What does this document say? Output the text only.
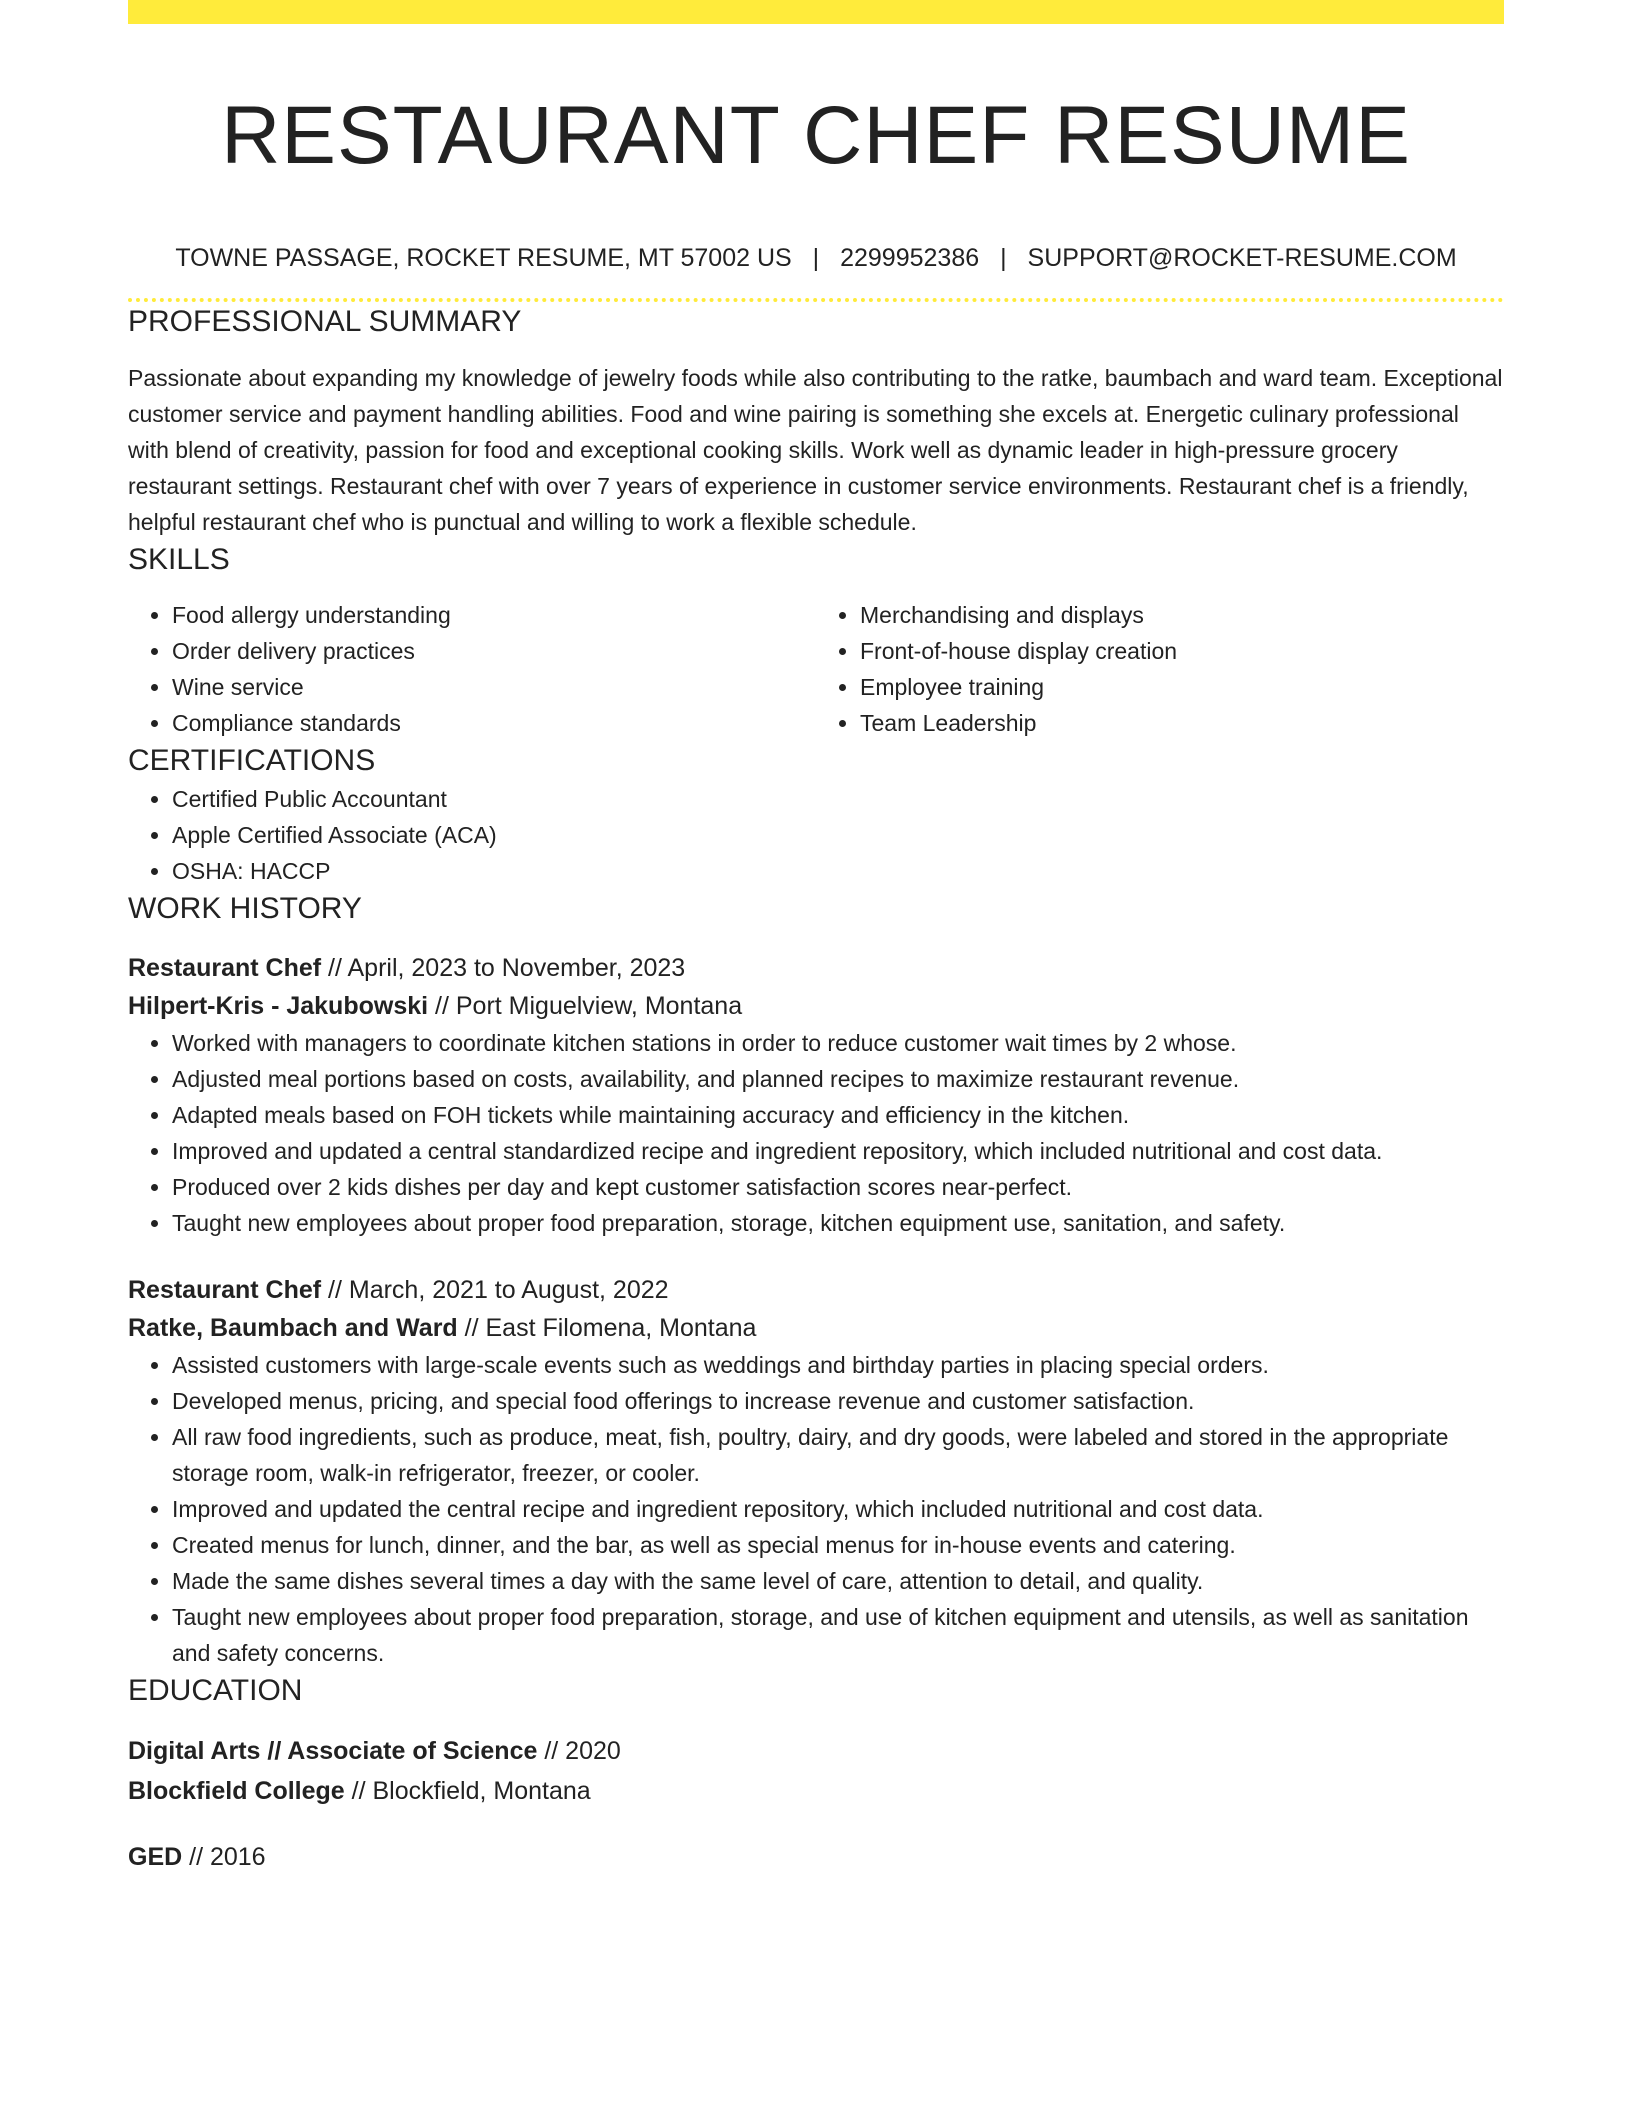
RESTAURANT CHEF RESUME
TOWNE PASSAGE, ROCKET RESUME, MT 57002 US | 2299952386 | SUPPORT@ROCKET-RESUME.COM
PROFESSIONAL SUMMARY

Passionate about expanding my knowledge of jewelry foods while also contributing to the ratke, baumbach and ward team. Exceptional customer service and payment handling abilities. Food and wine pairing is something she excels at. Energetic culinary professional with blend of creativity, passion for food and exceptional cooking skills. Work well as dynamic leader in high-pressure grocery restaurant settings. Restaurant chef with over 7 years of experience in customer service environments. Restaurant chef is a friendly, helpful restaurant chef who is punctual and willing to work a flexible schedule.

SKILLS
• Food allergy understanding
• Order delivery practices
• Wine service
• Compliance standards
• Merchandising and displays
• Front-of-house display creation
• Employee training
• Team Leadership
CERTIFICATIONS
• Certified Public Accountant
• Apple Certified Associate (ACA)
• OSHA: HACCP
WORK HISTORY
Restaurant Chef // April, 2023 to November, 2023
Hilpert-Kris - Jakubowski // Port Miguelview, Montana
• Worked with managers to coordinate kitchen stations in order to reduce customer wait times by 2 whose.
• Adjusted meal portions based on costs, availability, and planned recipes to maximize restaurant revenue.
• Adapted meals based on FOH tickets while maintaining accuracy and efficiency in the kitchen.
• Improved and updated a central standardized recipe and ingredient repository, which included nutritional and cost data.
• Produced over 2 kids dishes per day and kept customer satisfaction scores near-perfect.
• Taught new employees about proper food preparation, storage, kitchen equipment use, sanitation, and safety.
Restaurant Chef // March, 2021 to August, 2022
Ratke, Baumbach and Ward // East Filomena, Montana
• Assisted customers with large-scale events such as weddings and birthday parties in placing special orders.
• Developed menus, pricing, and special food offerings to increase revenue and customer satisfaction.
• All raw food ingredients, such as produce, meat, fish, poultry, dairy, and dry goods, were labeled and stored in the appropriate storage room, walk-in refrigerator, freezer, or cooler.
• Improved and updated the central recipe and ingredient repository, which included nutritional and cost data.
• Created menus for lunch, dinner, and the bar, as well as special menus for in-house events and catering.
• Made the same dishes several times a day with the same level of care, attention to detail, and quality.
• Taught new employees about proper food preparation, storage, and use of kitchen equipment and utensils, as well as sanitation and safety concerns.
EDUCATION
Digital Arts // Associate of Science // 2020
Blockfield College // Blockfield, Montana
GED // 2016
